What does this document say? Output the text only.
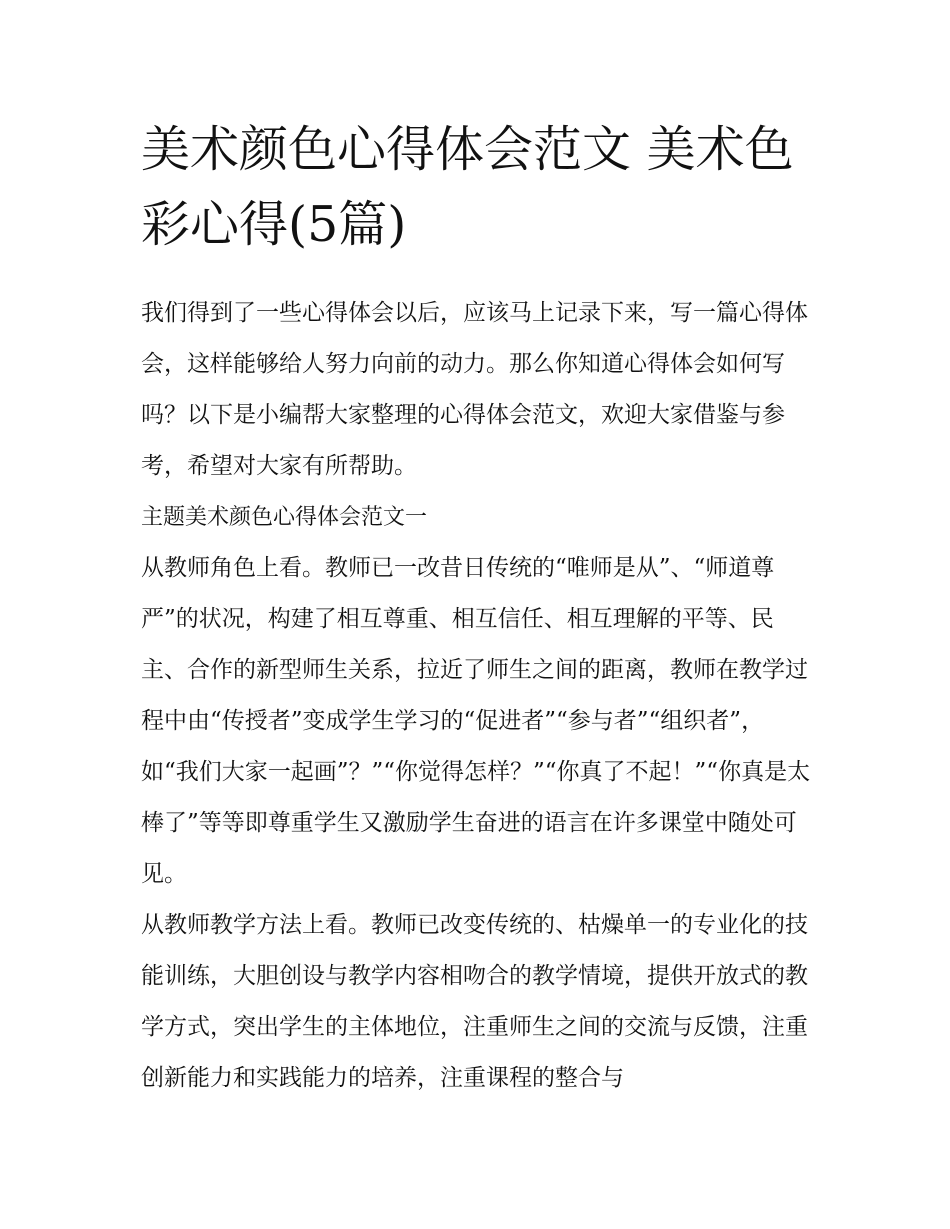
美术颜色心得体会范文 美术色彩心得(5篇)

我们得到了一些心得体会以后，应该马上记录下来，写一篇心得体会，这样能够给人努力向前的动力。那么你知道心得体会如何写吗？以下是小编帮大家整理的心得体会范文，欢迎大家借鉴与参考，希望对大家有所帮助。

主题美术颜色心得体会范文一

从教师角色上看。教师已一改昔日传统的“唯师是从”、“师道尊严”的状况，构建了相互尊重、相互信任、相互理解的平等、民主、合作的新型师生关系，拉近了师生之间的距离，教师在教学过程中由“传授者”变成学生学习的“促进者”“参与者”“组织者”，如“我们大家一起画”？”“你觉得怎样？”“你真了不起！”“你真是太棒了”等等即尊重学生又激励学生奋进的语言在许多课堂中随处可见。

从教师教学方法上看。教师已改变传统的、枯燥单一的专业化的技能训练，大胆创设与教学内容相吻合的教学情境，提供开放式的教学方式，突出学生的主体地位，注重师生之间的交流与反馈，注重创新能力和实践能力的培养，注重课程的整合与
